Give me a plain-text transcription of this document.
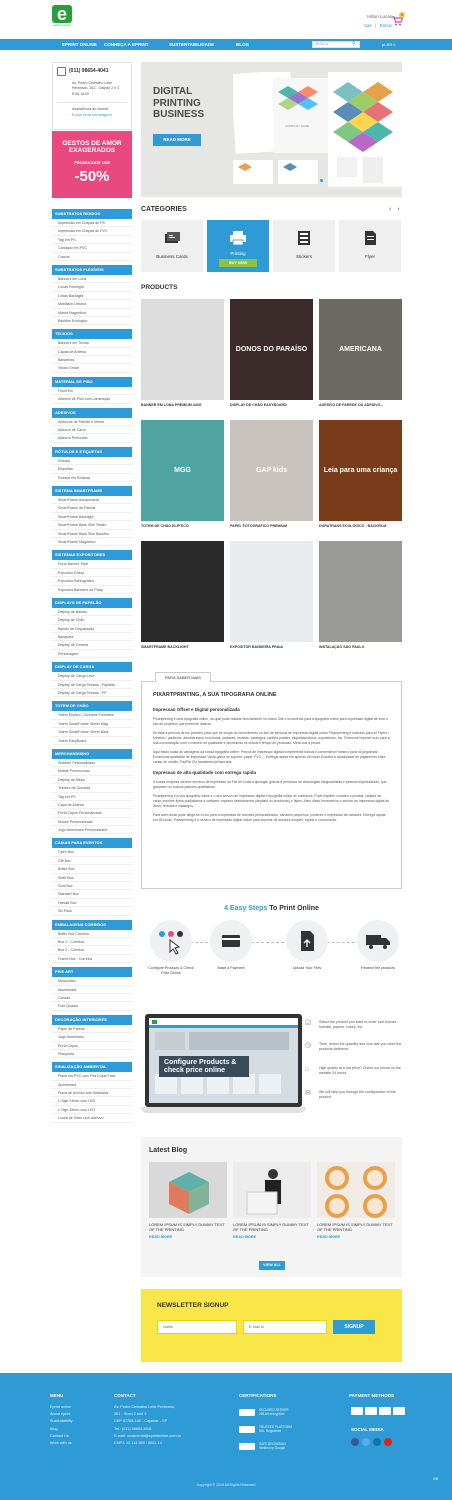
e
eprint.com.br
Hilton Lucas
Sair | Entrar
0
EPRINT ONLINE CONHEÇA A EPRINT	SUSTENTABILIDADE	BLOG	BUSCA	⚲	pt-BR ▾
(011) 98654-4041
Av. Pedro Celestino Leite
Penteado, 261 - Galpão 2 e 3
8:00-16:00
Assistência ao cliente
Envie uma mensagem
GESTOS DE AMOR
EXAGERADOS
PROMOCODE USE
-50%
COMPANY NAME
DIGITAL
PRINTING
BUSINESS
READ MORE
SUBSTRATOS RÍGIDOS
Impressão em Chapas de PS
Impressão em Chapas de PVC
Tag em PS
Cardápio em PVC
Cracha
SUBSTRATOS FLEXÍVEIS
Banners em Lona
Lonas Frontlight
Lonas Backlight
Mobiliário Urbano
Manta Magnética
Backflm Ecológico
TECIDOS
Banners em Tecido
Capas de Antena
Bandeiras
Tecido Smart
MATERIAL DE PISO
FloorFilm
Adesivo de Piso com Laminação
ADESIVOS
Adesivos de Parede e Vitrine
Adesivo de Carro
Adesivo Perfurado
RÓTULOS E ETIQUETAS
Rótulos
Etiquetas
Rótulos em Bobinas
SISTEMA SMARTFRAME
SmartFrame Autoportante
SmartFrame de Parede
SmartFrame Backlight
SmartFrame Back Slim Tecido
SmartFrame Back Slim Backflm
SmartFrame Magnético
SISTEMAS EXPOSITORES
Porta Banner Tripé
Expositor Rollup
Expositor Pantográfico
Expositor Bandeira de Praia
DISPLAYS DE PAPELÃO
Display de Balcão
Display de Chão
Balcão de Degustação
Banqueta
Display de Cinema
Personagem
DISPLAY DE CARGA
Display de Carga Leve
Display de Carga Pesado - Papelão
Display de Carga Pesado - PP
TOTEM DE CHÃO
Totem Elíptico | Diversos Formatos
Totem SmartFrame 45mm Mag
Totem SmartFrame 45mm Back
Totem EasyBoard
MERCHANDISING
Wobbler Personalizado
Mobile Promocional
Display de Mesa
Testeira de Gondola
Tag em PS
Capa de Antena
Porta Copos Personalizado
Mouse Personalizado
Jogo Americano Personalizado
CAIXAS PARA EVENTOS
Open Box
Gift Box
Bottle Box
Shelf Box
Oval Box
Standart Box
Handle Box
Six Pack
EMBALAGENS CORREIOS
Bottle Box Correios
Box 1 - Correios
Box 2 - Correios
Frame Box - Correios
FINE ART
Metacrilato
Alumiboard
Canvas
Foto Quadro
DECORAÇÃO INTERIORES
Papel de Parede
Jogo Americano
Porta Copos
Pôsuporte
SINALIZAÇÃO AMBIENTAL
Placa em PVC com Fita Dupla Face
Alumiboard
Placa de Acrílico com Afastador
L-Sign 24mm com LED
L-Sign 45mm com LED
Lousa de Vidro com Adesivo
CATEGORIES	‹ ›
Business Cards
Printing
BUY NOW
Stickers	Flyer
PRODUCTS
BANNER EM LONA PREMIUM 440G
DONOS DO PARAÍSO
DISPLAY DE CHÃO EASYBOARD
AMERICANA
ADESIVO DE PAREDE OU ADESIVO...
MGG
TOTEM DE CHÃO ELÍPTICO
GAP kids
PAPEL FOTOGRÁFICO PREMIUM
Leia para uma criança
DURATRANS ECOLÓGICO - BACKFILM
SMARTFRAME BACKLIGHT	EXPOSITOR BANDEIRA PRAIA	INSTALAÇÃO SÃO PAULO
PARA SABER MAIS
PIXARTPRINTING, A SUA TIPOGRAFIA ONLINE
Impressao Offset e Digital personalizada

Pixartprinting é uma tipografia online, na qual pode realizar directamente no nosso Site o orcamento para a tipografia online para impressao digital de todo o tipo de projectos que pretende realizar.

Se esta a procura de um parceiro justo que se ocupe do fornecimento on-line de servicos de impressao digital ontao Pixartprinting é indicado para si! Flyers / folhetos / panfletos, desdobraveis, brochuras, cartazes, revistas, catalogos, cartões postais, etiquetas/rótulos, expositores, etc. Podemos imprimir tudo para a sua comunicação com o maximo de qualidade e diminuindo os custos e tempo de producao. Meta-nos a prova!

Aqui estao todas as vantagens da nossa tipografia online: Precos de impressao digital incrivelmente baixos e convenience mesmo para os pequenas! Excecional qualidade de impressao Vasta gama de suporte: papel, PVC,... Entrega rapida em apenas 48 horas Escolha a modalidade de pagamento entre cartao de credito, PayPal OU transferencia bancaria.

Impressao de alta qualidade com entrega rapida

A nossa empresa oferece servicos de impressao ao Fiel de Coda a tipologia, gracas a presenca de tecnologias vanguardistas e pessoal especializado, que garantem os nossos padroes qualitativos.

Pixartprinting é a sua tipografia online e o seu servico de impressao digital e tipografia online de confianca. Pode imprimir convites e postais, cartaes de-visita, imprimir flyers publicitarios e cartazes, imprimir desdobraveis (depliant ou brochuras) e flyers. Alem disso fornecemos o servico de impressao digital de livros, revistas e catalogos.

Para alem disso pode dirigir-se a nos para a impressao de convites personalizados, cartazes pequenos, posteres e impressao de cartazes. Entrega rapida em 48 horas. Pixartprinting é o servico de impressao digital online para imprimir de maneira simples, rapida e conveniente.

4 Easy Steps To Print Online
Configure Products & Check Price Online
Make a Payment	Upload Your Files	Receive the products
Configure Products & check price online
☑	Select the product you want to order and choose formats, papers, colors, etc.
◷	Then, select the quantity and how fast you need the products delivered
⌂	High quality at a low price? Check our prices on the website 24 hours
✉	We will help you through the configuration of the product
Latest Blog
LOREM IPSUM IS SIMPLY DUMMY TEXT OF THE PRINTING
READ MORE
LOREM IPSUM IS SIMPLY DUMMY TEXT OF THE PRINTING
READ MORE
LOREM IPSUM IS SIMPLY DUMMY TEXT OF THE PRINTING
READ MORE
VIEW ALL
NEWSLETTER SIGNUP
Name	E-mail id	SIGNUP
MENU
Eprint online
About eprint
Sustentability
Blog
Contact Us
Work with us
CONTACT
Av. Pedro Celestino Leite Penteado,
261 - Shed 2 and 3
CEP 07785-140 - Cajamar - SP
Tel.: (011) 98654-4041
E-mail: orcamento@eprintonline.com.br
CNPJ: 12.114.359 / 0001-14
CERTIFICATIONS
SECURED SERVER
256-bit encryption
TRUSTED PLATFORM
SSL Registered
SAFE BROWSING
Verified by Google
PAYMENT METHODS
SOCIAL MEDIA
Copyright © 2019 All Rights Reserved
Kill
